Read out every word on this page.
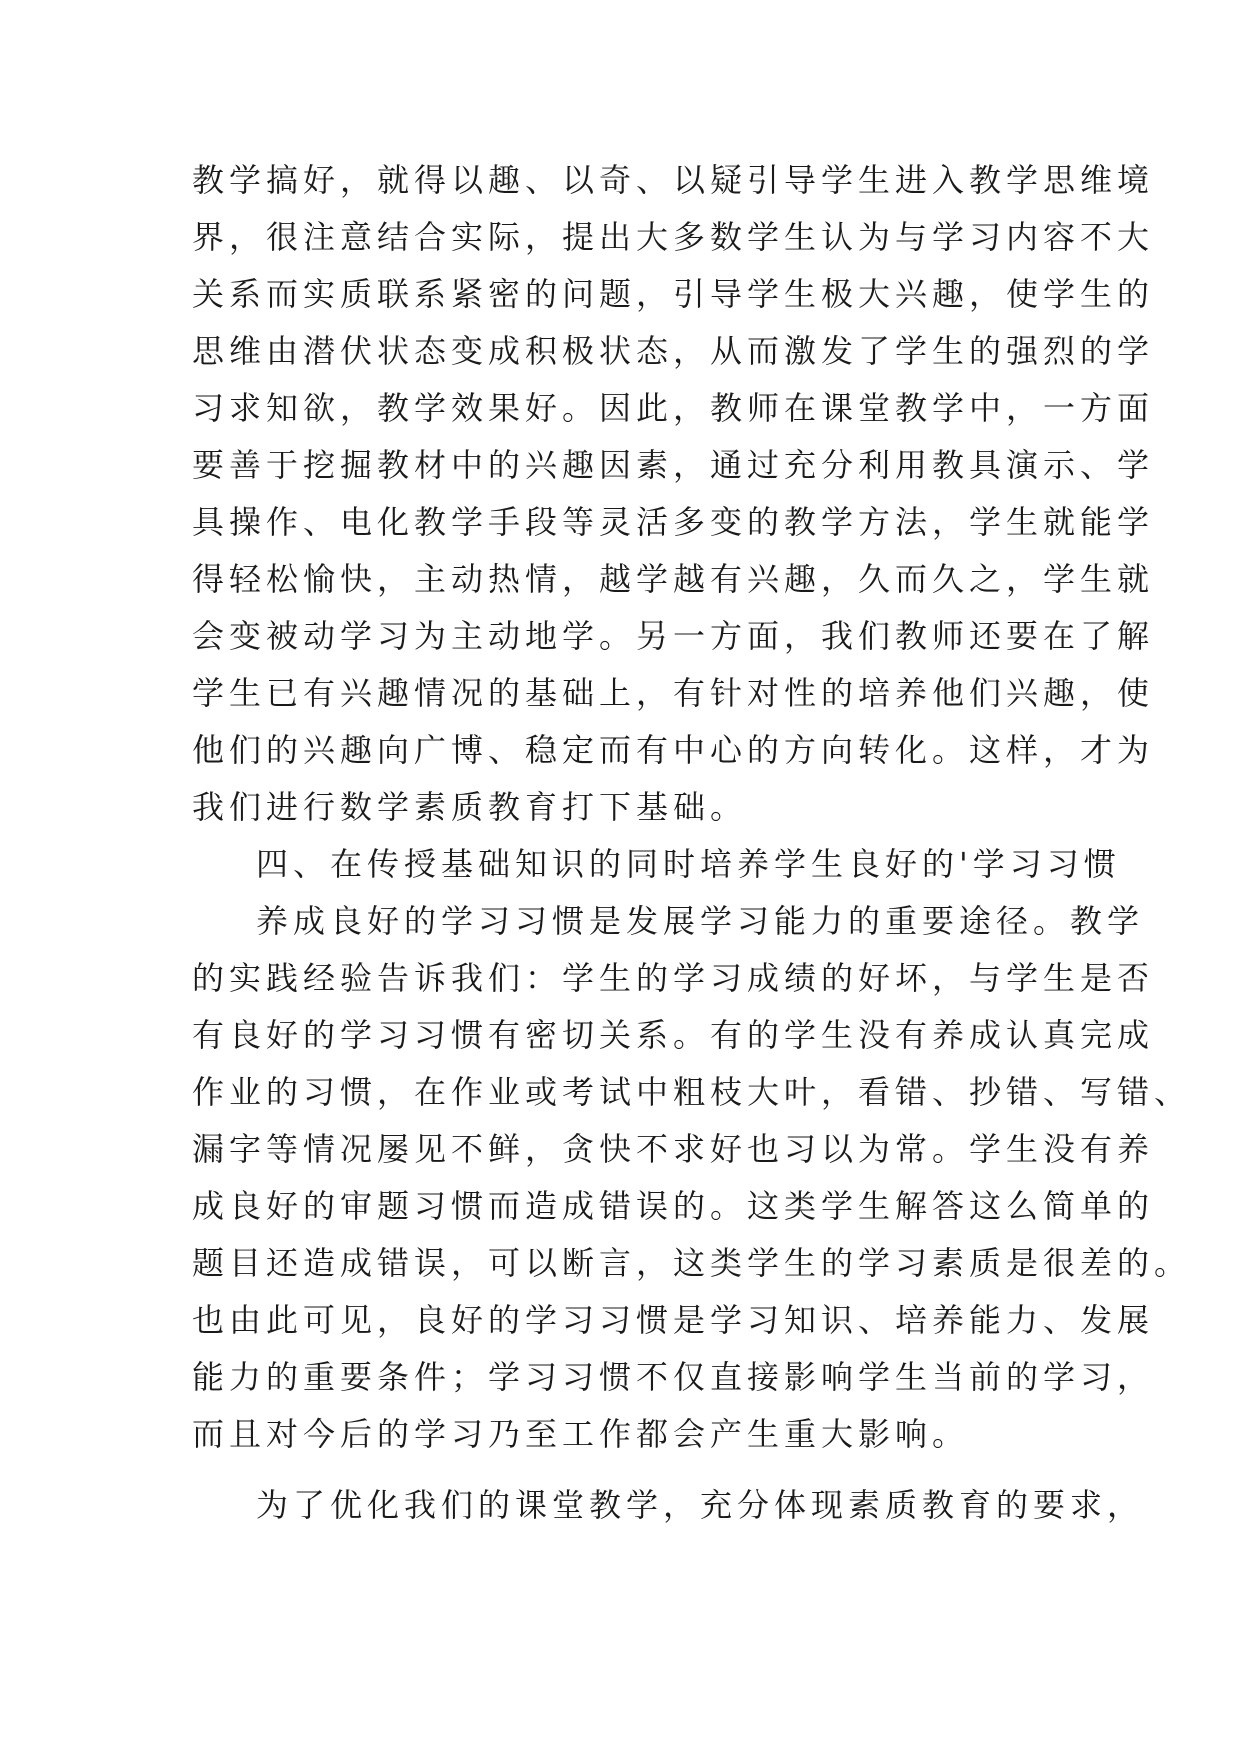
教学搞好，就得以趣、以奇、以疑引导学生进入教学思维境
界，很注意结合实际，提出大多数学生认为与学习内容不大
关系而实质联系紧密的问题，引导学生极大兴趣，使学生的
思维由潜伏状态变成积极状态，从而激发了学生的强烈的学
习求知欲，教学效果好。因此，教师在课堂教学中，一方面
要善于挖掘教材中的兴趣因素，通过充分利用教具演示、学
具操作、电化教学手段等灵活多变的教学方法，学生就能学
得轻松愉快，主动热情，越学越有兴趣，久而久之，学生就
会变被动学习为主动地学。另一方面，我们教师还要在了解
学生已有兴趣情况的基础上，有针对性的培养他们兴趣，使
他们的兴趣向广博、稳定而有中心的方向转化。这样，才为
我们进行数学素质教育打下基础。
四、在传授基础知识的同时培养学生良好的'学习习惯
养成良好的学习习惯是发展学习能力的重要途径。教学
的实践经验告诉我们：学生的学习成绩的好坏，与学生是否
有良好的学习习惯有密切关系。有的学生没有养成认真完成
作业的习惯，在作业或考试中粗枝大叶，看错、抄错、写错、
漏字等情况屡见不鲜，贪快不求好也习以为常。学生没有养
成良好的审题习惯而造成错误的。这类学生解答这么简单的
题目还造成错误，可以断言，这类学生的学习素质是很差的。
也由此可见，良好的学习习惯是学习知识、培养能力、发展
能力的重要条件；学习习惯不仅直接影响学生当前的学习，
而且对今后的学习乃至工作都会产生重大影响。
为了优化我们的课堂教学，充分体现素质教育的要求，
